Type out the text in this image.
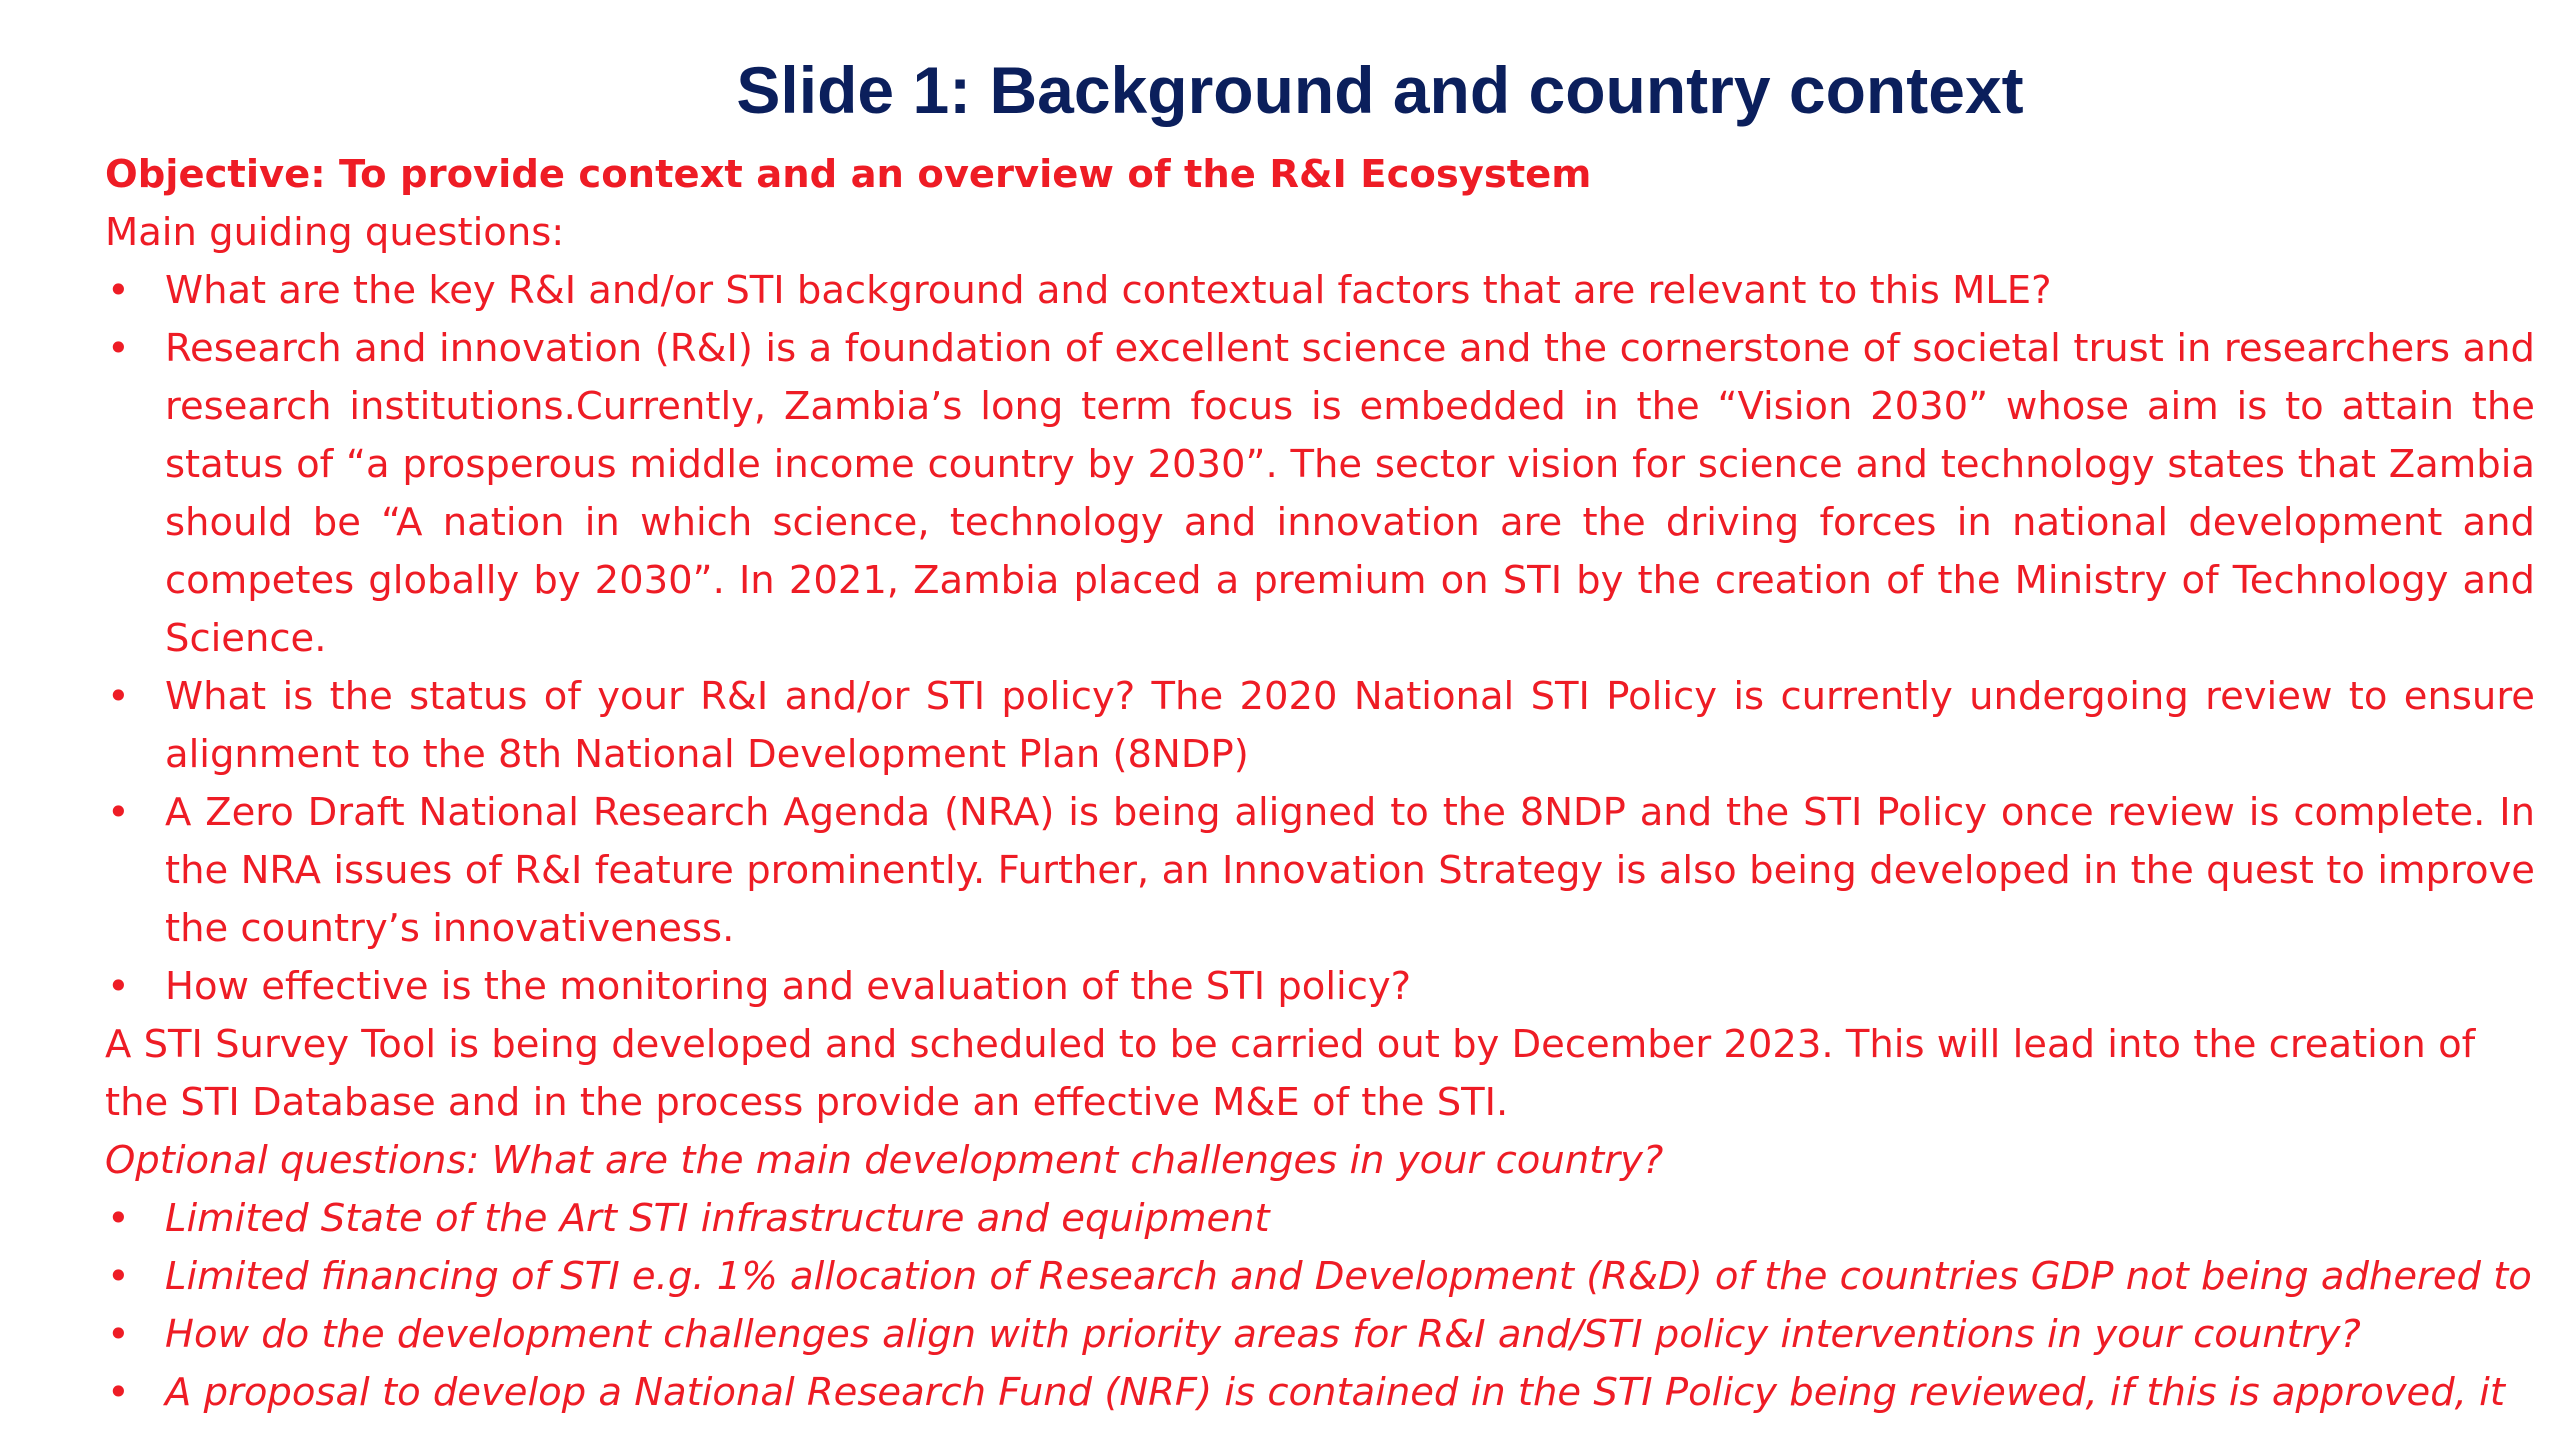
Slide 1: Background and country context

Objective: To provide context and an overview of the R&I Ecosystem

Main guiding questions:

• What are the key R&I and/or STI background and contextual factors that are relevant to this MLE?
• Research and innovation (R&I) is a foundation of excellent science and the cornerstone of societal trust in researchers and research institutions.Currently, Zambia’s long term focus is embedded in the “Vision 2030” whose aim is to attain the status of “a prosperous middle income country by 2030”. The sector vision for science and technology states that Zambia should be “A nation in which science, technology and innovation are the driving forces in national development and competes globally by 2030”. In 2021, Zambia placed a premium on STI by the creation of the Ministry of Technology and Science.
• What is the status of your R&I and/or STI policy? The 2020 National STI Policy is currently undergoing review to ensure alignment to the 8th National Development Plan (8NDP)
• A Zero Draft National Research Agenda (NRA) is being aligned to the 8NDP and the STI Policy once review is complete. In the NRA issues of R&I feature prominently. Further, an Innovation Strategy is also being developed in the quest to improve the country’s innovativeness.
• How effective is the monitoring and evaluation of the STI policy?

A STI Survey Tool is being developed and scheduled to be carried out by December 2023. This will lead into the creation of the STI Database and in the process provide an effective M&E of the STI.

Optional questions: What are the main development challenges in your country?

• Limited State of the Art STI infrastructure and equipment
• Limited financing of STI e.g. 1% allocation of Research and Development (R&D) of the countries GDP not being adhered to
• How do the development challenges align with priority areas for R&I and/STI policy interventions in your country?
• A proposal to develop a National Research Fund (NRF) is contained in the STI Policy being reviewed, if this is approved, it
